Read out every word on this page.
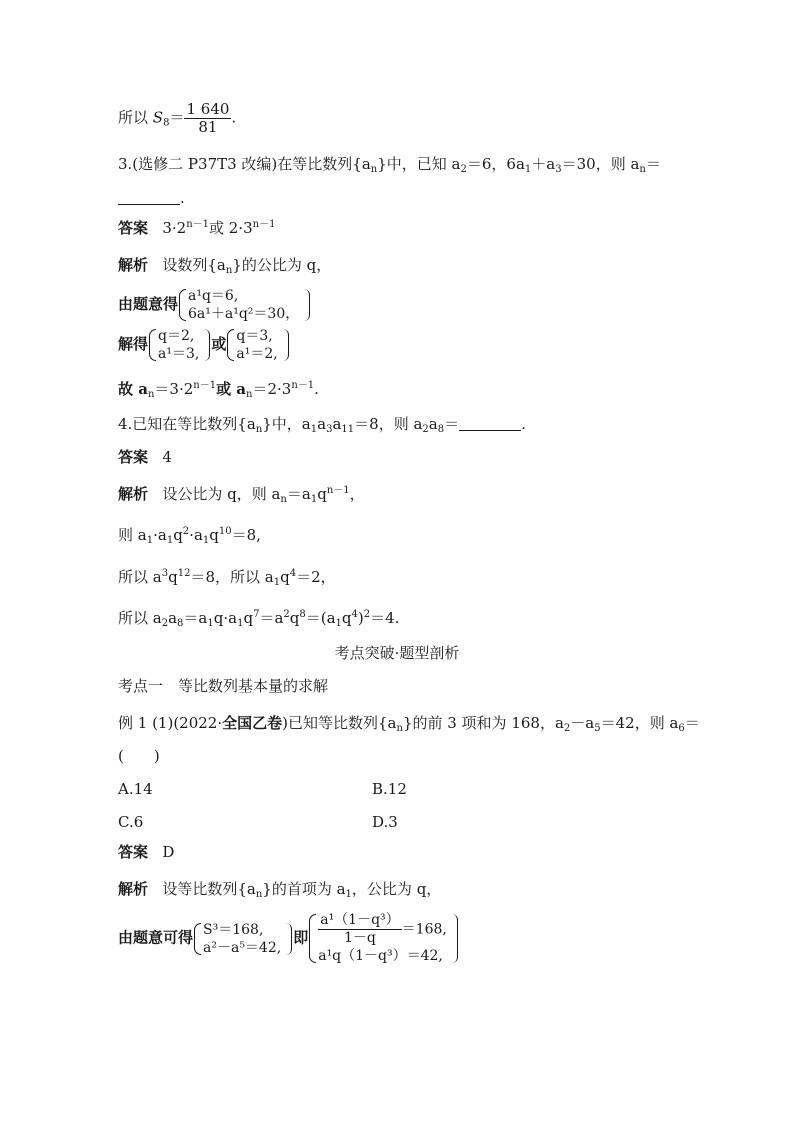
所以 $S_8= \frac{1 640}{81}$ .
3.(选修二 P37T3 改编)在等比数列$\{a_n\}$中，已知 $a_2=6$，$6a_1+a_3=30$，则 $a_n=$
.
答案 $3\cdot 2^{n-1}$或 $2\cdot 3^{n-1}$
解析 设数列$\{a_n\}$的公比为 q，
由题意得 a¹q＝6,
6a¹＋a¹q²＝30，
解得 q＝2,
a¹＝3,
或 q＝3,
a¹＝2,
故 $a_n=3\cdot 2^{n-1}$或 $a_n=2\cdot 3^{n-1}$.
4.已知在等比数列$\{a_n\}$中，$a_1a_3a_{11}=8$，则 $a_2a_8=$	.
答案 4
解析 设公比为 q，则 $a_n=a_1q^{n-1}$，
则 $a_1\cdot a_1q^2\cdot a_1q^{10}=8$,
所以 $a^3q^{12}=8$，所以 $a_1q^4=2$，
所以 $a_2a_8=a_1q\cdot a_1q^7=a^2q^8=(a_1q^4)^2=4$.
考点突破·题型剖析
考点一　等比数列基本量的求解
例 1 (1)(2022·全国乙卷)已知等比数列$\{a_n\}$的前 3 项和为 168，$a_2-a_5=42$，则 $a_6=$
(　　)
A.14	B.12
C.6	D.3
答案 D
解析 设等比数列$\{a_n\}$的首项为 $a_1$，公比为 q，
由题意可得 S³＝168,
a²－a⁵＝42,
即 $\frac{\text{a¹（1－q³）}}{1-q} =168$,
a¹q（1－q³）＝42,
